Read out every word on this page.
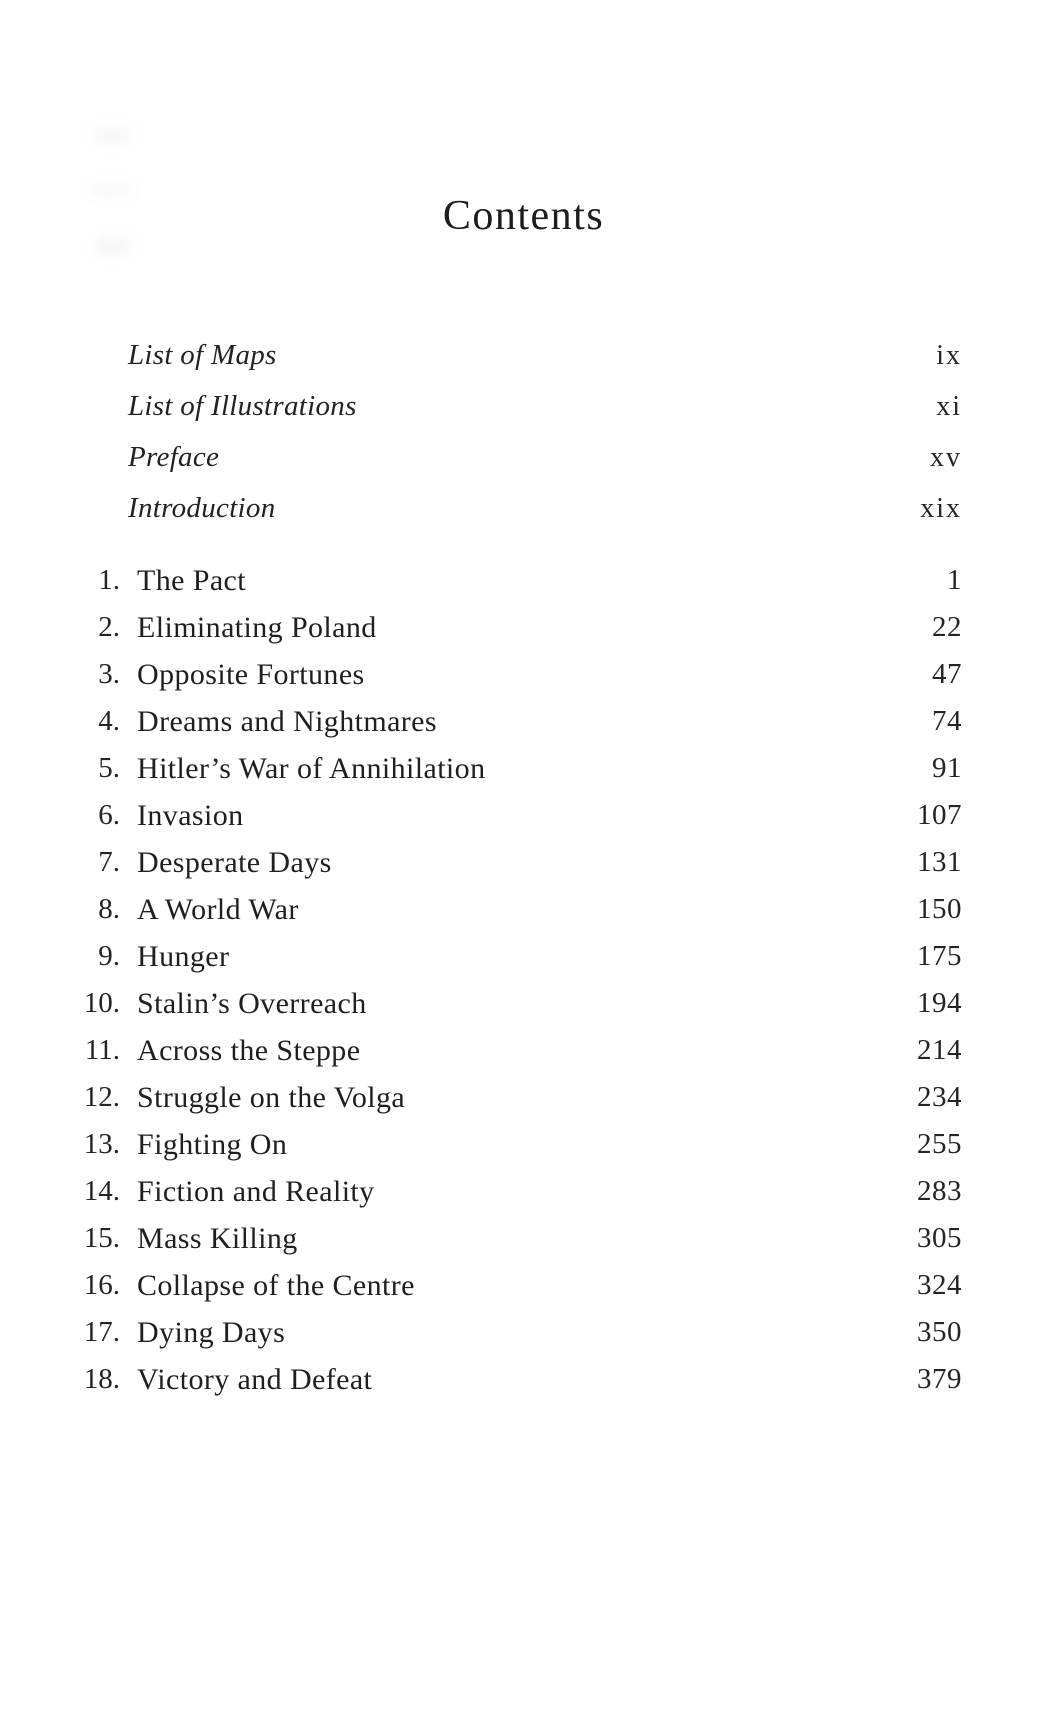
Contents
List of Maps	ix
List of Illustrations	xi
Preface	xv
Introduction	xix
1. The Pact	1
2. Eliminating Poland	22
3. Opposite Fortunes	47
4. Dreams and Nightmares	74
5. Hitler’s War of Annihilation	91
6. Invasion	107
7. Desperate Days	131
8. A World War	150
9. Hunger	175
10. Stalin’s Overreach	194
11. Across the Steppe	214
12. Struggle on the Volga	234
13. Fighting On	255
14. Fiction and Reality	283
15. Mass Killing	305
16. Collapse of the Centre	324
17. Dying Days	350
18. Victory and Defeat	379
